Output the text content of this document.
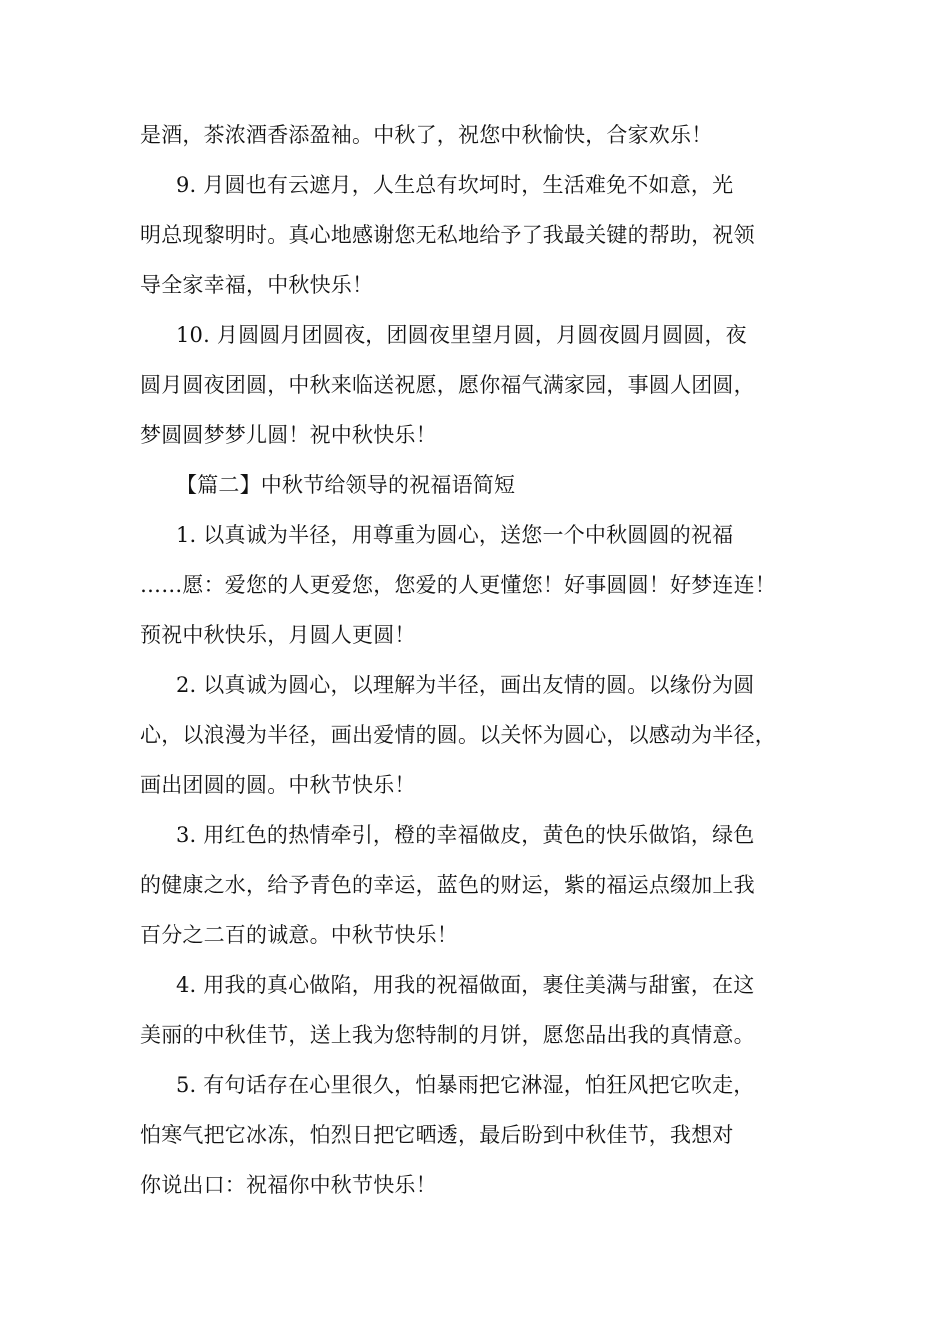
是酒，茶浓酒香添盈袖。中秋了，祝您中秋愉快，合家欢乐！
9. 月圆也有云遮月，人生总有坎坷时，生活难免不如意，光
明总现黎明时。真心地感谢您无私地给予了我最关键的帮助，祝领
导全家幸福，中秋快乐！
10. 月圆圆月团圆夜，团圆夜里望月圆，月圆夜圆月圆圆，夜
圆月圆夜团圆，中秋来临送祝愿，愿你福气满家园，事圆人团圆，
梦圆圆梦梦儿圆！祝中秋快乐！
【篇二】中秋节给领导的祝福语简短
1. 以真诚为半径，用尊重为圆心，送您一个中秋圆圆的祝福
……愿：爱您的人更爱您，您爱的人更懂您！好事圆圆！好梦连连！
预祝中秋快乐，月圆人更圆！
2. 以真诚为圆心，以理解为半径，画出友情的圆。以缘份为圆
心，以浪漫为半径，画出爱情的圆。以关怀为圆心，以感动为半径，
画出团圆的圆。中秋节快乐！
3. 用红色的热情牵引，橙的幸福做皮，黄色的快乐做馅，绿色
的健康之水，给予青色的幸运，蓝色的财运，紫的福运点缀加上我
百分之二百的诚意。中秋节快乐！
4. 用我的真心做陷，用我的祝福做面，裹住美满与甜蜜，在这
美丽的中秋佳节，送上我为您特制的月饼，愿您品出我的真情意。
5. 有句话存在心里很久，怕暴雨把它淋湿，怕狂风把它吹走，
怕寒气把它冰冻，怕烈日把它晒透，最后盼到中秋佳节，我想对
你说出口：祝福你中秋节快乐！
